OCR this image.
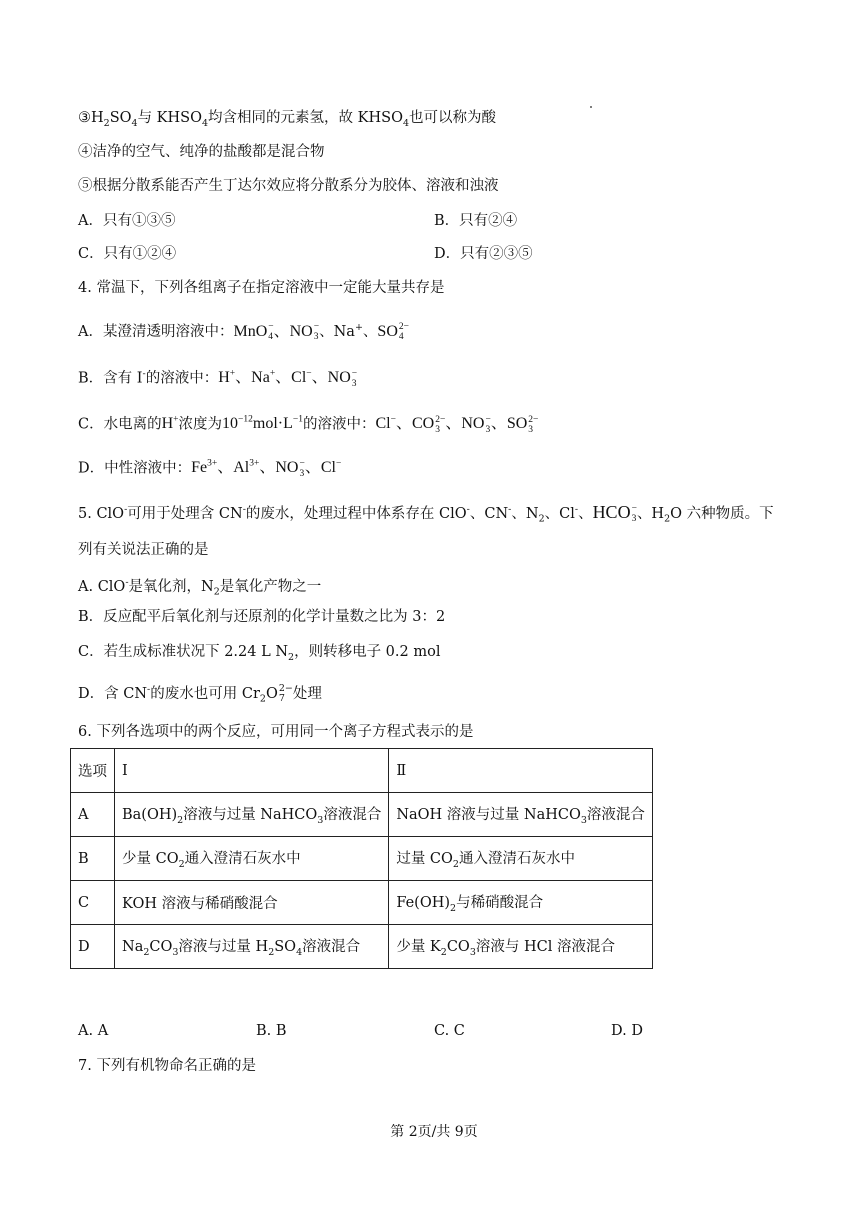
$③H_2SO_4$与 $KHSO_4$均含相同的元素氢，故 $KHSO_4$也可以称为酸
④洁净的空气、纯净的盐酸都是混合物
⑤根据分散系能否产生丁达尔效应将分散系分为胶体、溶液和浊液
A．只有①③⑤	B．只有②④
C．只有①②④	D．只有②③⑤
4. 常温下，下列各组离子在指定溶液中一定能大量共存是
A．某澄清透明溶液中：MnO −
4 、NO −
3 、Na+、SO 2−
4
B．含有 I-的溶液中：H+、Na+、Cl−、NO −
3
C．水电离的H+浓度为$10^{-12}mol\cdot L^{-1}$的溶液中：Cl−、CO 2−
3 、NO −
3 、SO 2−
3
D．中性溶液中：$Fe^{3+}$、$Al^{3+}$、NO −
3 、Cl−
5. ClO-可用于处理含 CN-的废水，处理过程中体系存在 ClO-、CN-、$N_2$、Cl-、HCO −
3 、$H_2O$ 六种物质。下
列有关说法正确的是
A. ClO-是氧化剂，$N_2$是氧化产物之一
B．反应配平后氧化剂与还原剂的化学计量数之比为 3：2
C．若生成标准状况下 2.24 L $N_2$，则转移电子 0.2 mol
D．含 CN-的废水也可用 $Cr_2O$ 2−
7 处理
6. 下列各选项中的两个反应，可用同一个离子方程式表示的是
选项	Ⅰ	Ⅱ
A	$Ba(OH)_2$溶液与过量 NaHCO$_3$溶液混合	NaOH 溶液与过量 NaHCO$_3$溶液混合
B	少量 $CO_2$通入澄清石灰水中	过量 $CO_2$通入澄清石灰水中
C	KOH 溶液与稀硝酸混合	$Fe(OH)_2$与稀硝酸混合
D	$Na_2CO_3$溶液与过量 $H_2SO_4$溶液混合	少量 $K_2CO_3$溶液与 HCl 溶液混合
A. A	B. B	C. C	D. D
7. 下列有机物命名正确的是
第 2页/共 9页
